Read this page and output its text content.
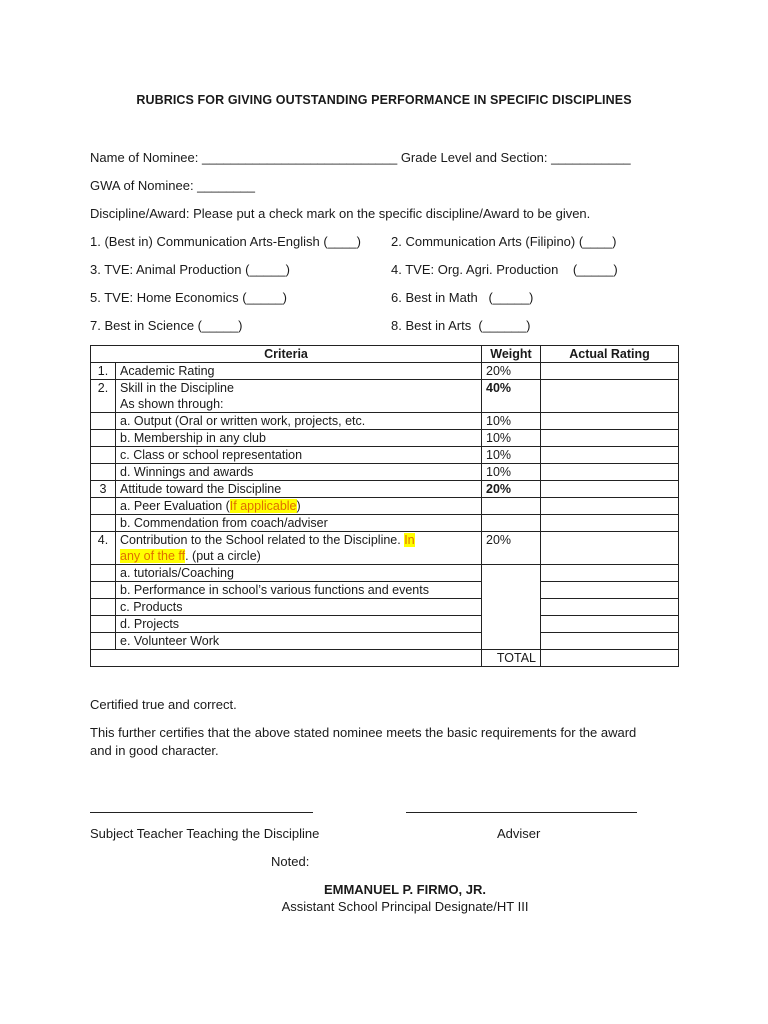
RUBRICS FOR GIVING OUTSTANDING PERFORMANCE IN SPECIFIC DISCIPLINES
Name of Nominee: ___________________________ Grade Level and Section: ___________
GWA of Nominee: ________
Discipline/Award: Please put a check mark on the specific discipline/Award to be given.
1. (Best in) Communication Arts-English (____) 2. Communication Arts (Filipino) (____)
3. TVE: Animal Production (_____)	4. TVE: Org. Agri. Production    (_____)
5. TVE: Home Economics (_____)	6. Best in Math   (_____)
7. Best in Science (_____)	8. Best in Arts  (______)
Criteria		Weight	Actual Rating
1.	Academic Rating	20%	
2.	Skill in the Discipline
As shown through:	40%	
	a. Output (Oral or written work, projects, etc.	10%	
	b. Membership in any club	10%	
	c. Class or school representation	10%	
	d. Winnings and awards	10%	
3	Attitude toward the Discipline	20%	
	a. Peer Evaluation (If applicable)		
	b. Commendation from coach/adviser		
4.	Contribution to the School related to the Discipline. In
any of the ff. (put a circle)	20%	
	a. tutorials/Coaching		
	b. Performance in school’s various functions and events		
	c. Products		
	d. Projects		
	e. Volunteer Work		
		TOTAL	
Certified true and correct.
This further certifies that the above stated nominee meets the basic requirements for the award
and in good character.
Subject Teacher Teaching the Discipline	Adviser
Noted:
EMMANUEL P. FIRMO, JR.
Assistant School Principal Designate/HT III
